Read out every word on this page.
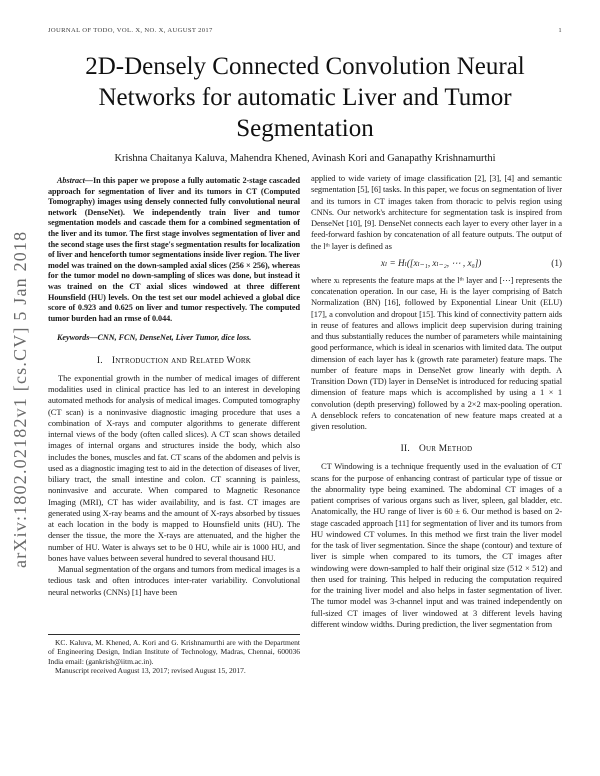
JOURNAL OF TODO, VOL. X, NO. X, AUGUST 2017	1
arXiv:1802.02182v1 [cs.CV] 5 Jan 2018
2D-Densely Connected Convolution Neural Networks for automatic Liver and Tumor Segmentation
Krishna Chaitanya Kaluva, Mahendra Khened, Avinash Kori and Ganapathy Krishnamurthi

Abstract—In this paper we propose a fully automatic 2-stage cascaded approach for segmentation of liver and its tumors in CT (Computed Tomography) images using densely connected fully convolutional neural network (DenseNet). We independently train liver and tumor segmentation models and cascade them for a combined segmentation of the liver and its tumor. The first stage involves segmentation of liver and the second stage uses the first stage's segmentation results for localization of liver and henceforth tumor segmentations inside liver region. The liver model was trained on the down-sampled axial slices (256 × 256), whereas for the tumor model no down-sampling of slices was done, but instead it was trained on the CT axial slices windowed at three different Hounsfield (HU) levels. On the test set our model achieved a global dice score of 0.923 and 0.625 on liver and tumor respectively. The computed tumor burden had an rmse of 0.044.

Keywords—CNN, FCN, DenseNet, Liver Tumor, dice loss.

I. Introduction and Related Work

The exponential growth in the number of medical images of different modalities used in clinical practice has led to an interest in developing automated methods for analysis of medical images. Computed tomography (CT scan) is a noninvasive diagnostic imaging procedure that uses a combination of X-rays and computer algorithms to generate different internal views of the body (often called slices). A CT scan shows detailed images of internal organs and structures inside the body, which also includes the bones, muscles and fat. CT scans of the abdomen and pelvis is used as a diagnostic imaging test to aid in the detection of diseases of liver, biliary tract, the small intestine and colon. CT scanning is painless, noninvasive and accurate. When compared to Magnetic Resonance Imaging (MRI), CT has wider availability, and is fast. CT images are generated using X-ray beams and the amount of X-rays absorbed by tissues at each location in the body is mapped to Hounsfield units (HU). The denser the tissue, the more the X-rays are attenuated, and the higher the number of HU. Water is always set to be 0 HU, while air is 1000 HU, and bones have values between several hundred to several thousand HU.

Manual segmentation of the organs and tumors from medical images is a tedious task and often introduces inter-rater variability. Convolutional neural networks (CNNs) [1] have been

applied to wide variety of image classification [2], [3], [4] and semantic segmentation [5], [6] tasks. In this paper, we focus on segmentation of liver and its tumors in CT images taken from thoracic to pelvis region using CNNs. Our network's architecture for segmentation task is inspired from DenseNet [10], [9]. DenseNet connects each layer to every other layer in a feed-forward fashion by concatenation of all feature outputs. The output of the lᵗʰ layer is defined as

xₗ = Hₗ([xₗ₋₁, xₗ₋₂, ⋯ , x₀])	(1)

where xₗ represents the feature maps at the lᵗʰ layer and [⋯] represents the concatenation operation. In our case, Hₗ is the layer comprising of Batch Normalization (BN) [16], followed by Exponential Linear Unit (ELU) [17], a convolution and dropout [15]. This kind of connectivity pattern aids in reuse of features and allows implicit deep supervision during training and thus substantially reduces the number of parameters while maintaining good performance, which is ideal in scenarios with limited data. The output dimension of each layer has k (growth rate parameter) feature maps. The number of feature maps in DenseNet grow linearly with depth. A Transition Down (TD) layer in DenseNet is introduced for reducing spatial dimension of feature maps which is accomplished by using a 1 × 1 convolution (depth preserving) followed by a 2×2 max-pooling operation. A denseblock refers to concatenation of new feature maps created at a given resolution.

II. Our Method

CT Windowing is a technique frequently used in the evaluation of CT scans for the purpose of enhancing contrast of particular type of tissue or the abnormality type being examined. The abdominal CT images of a patient comprises of various organs such as liver, spleen, gal bladder, etc. Anatomically, the HU range of liver is 60 ± 6. Our method is based on 2-stage cascaded approach [11] for segmentation of liver and its tumors from HU windowed CT volumes. In this method we first train the liver model for the task of liver segmentation. Since the shape (contour) and texture of liver is simple when compared to its tumors, the CT images after windowing were down-sampled to half their original size (512 × 512) and then used for training. This helped in reducing the computation required for the training liver model and also helps in faster segmentation of liver. The tumor model was 3-channel input and was trained independently on full-sized CT images of liver windowed at 3 different levels having different window widths. During prediction, the liver segmentation from

KC. Kaluva, M. Khened, A. Kori and G. Krishnamurthi are with the Department of Engineering Design, Indian Institute of Technology, Madras, Chennai, 600036 India email: (gankrish@iitm.ac.in).

Manuscript received August 13, 2017; revised August 15, 2017.
